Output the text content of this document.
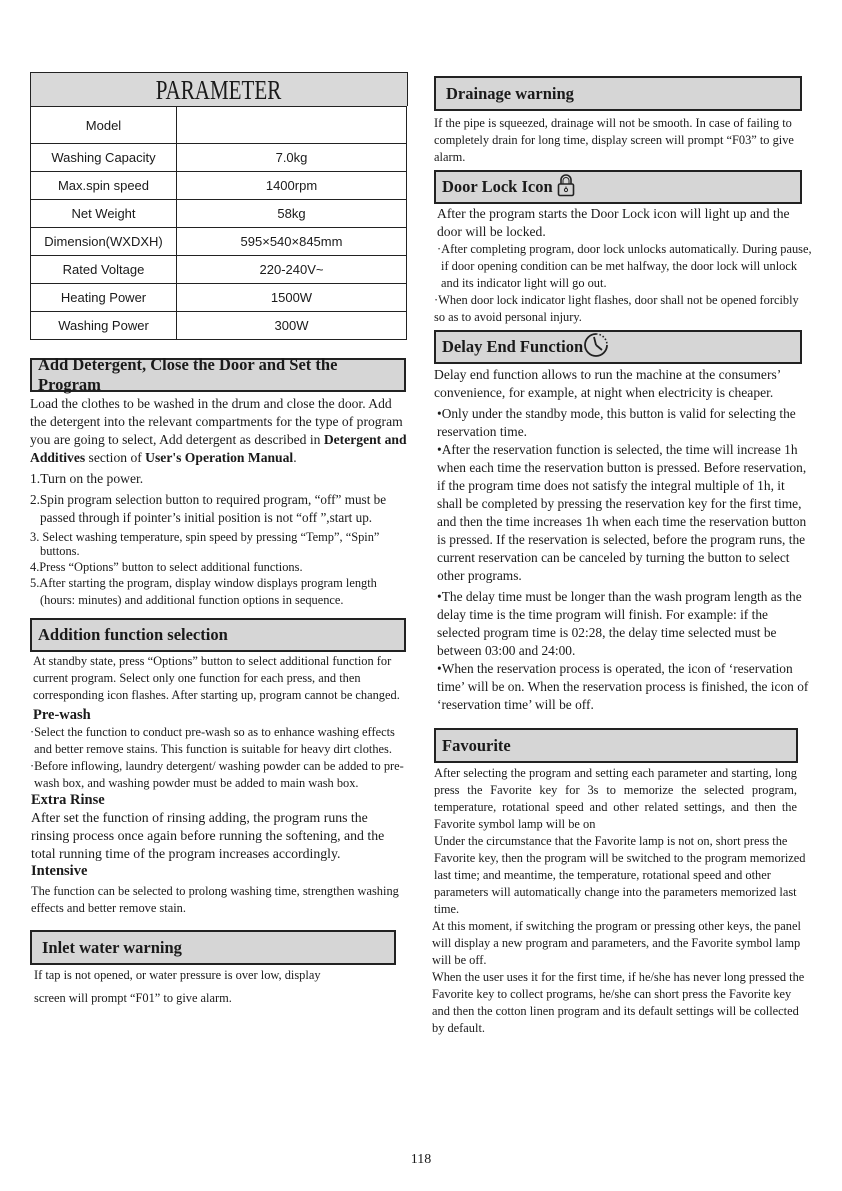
PARAMETER
Model	
Washing Capacity	7.0kg
Max.spin speed	1400rpm
Net Weight	58kg
Dimension(WXDXH)	595×540×845mm
Rated Voltage	220-240V~
Heating Power	1500W
Washing Power	300W
Add Detergent, Close the Door and Set the Program
Load the clothes to be washed in the drum and close the door. Add the detergent into the relevant compartments for the type of program you are going to select, Add detergent as described in Detergent and Additives section of User's Operation Manual.

1.Turn on the power.

2.Spin program selection button to required program, “off” must be passed through if pointer’s initial position is not “off ”,start up.

3. Select washing temperature, spin speed by pressing “Temp”, “Spin” buttons.

4.Press “Options” button to select additional functions.

5.After starting the program, display window displays program length (hours: minutes) and additional function options in sequence.

Addition function selection

At standby state, press “Options” button to select additional function for current program. Select only one function for each press, and then corresponding icon flashes. After starting up, program cannot be changed.

Pre-wash

·Select the function to conduct pre-wash so as to enhance washing effects and better remove stains. This function is suitable for heavy dirt clothes.

·Before inflowing, laundry detergent/ washing powder can be added to pre-wash box, and washing powder must be added to main wash box.

Extra Rinse

After set the function of rinsing adding, the program runs the rinsing process once again before running the softening, and the total running time of the program increases accordingly.

Intensive

The function can be selected to prolong washing time, strengthen washing effects and better remove stain.

Inlet water warning

If tap is not opened, or water pressure is over low, display

screen will prompt “F01” to give alarm.

Drainage warning

If the pipe is squeezed, drainage will not be smooth. In case of failing to completely drain for long time, display screen will prompt “F03” to give alarm.

Door Lock Icon

After the program starts the Door Lock icon will light up and the door will be locked.

·After completing program, door lock unlocks automatically. During pause, if door opening condition can be met halfway, the door lock will unlock and its indicator light will go out.

·When door lock indicator light flashes, door shall not be opened forcibly so as to avoid personal injury.

Delay End Function

Delay end function allows to run the machine at the consumers’ convenience, for example, at night when electricity is cheaper.

•Only under the standby mode, this button is valid for selecting the reservation time.

•After the reservation function is selected, the time will increase 1h when each time the reservation button is pressed. Before reservation, if the program time does not satisfy the integral multiple of 1h, it shall be completed by pressing the reservation key for the first time, and then the time increases 1h when each time the reservation button is pressed. If the reservation is selected, before the program runs, the current reservation can be canceled by turning the button to select other programs.

•The delay time must be longer than the wash program length as the delay time is the time program will finish. For example: if the selected program time is 02:28, the delay time selected must be between 03:00 and 24:00.

•When the reservation process is operated, the icon of ‘reservation time’ will be on. When the reservation process is finished, the icon of ‘reservation time’ will be off.

Favourite

After selecting the program and setting each parameter and starting, long press the Favorite key for 3s to memorize the selected program, temperature, rotational speed and other related settings, and then the Favorite symbol lamp will be on

Under the circumstance that the Favorite lamp is not on, short press the Favorite key, then the program will be switched to the program memorized last time; and meantime, the temperature, rotational speed and other parameters will automatically change into the parameters memorized last time.

At this moment, if switching the program or pressing other keys, the panel will display a new program and parameters, and the Favorite symbol lamp will be off.

When the user uses it for the first time, if he/she has never long pressed the Favorite key to collect programs, he/she can short press the Favorite key and then the cotton linen program and its default settings will be collected by default.

118
